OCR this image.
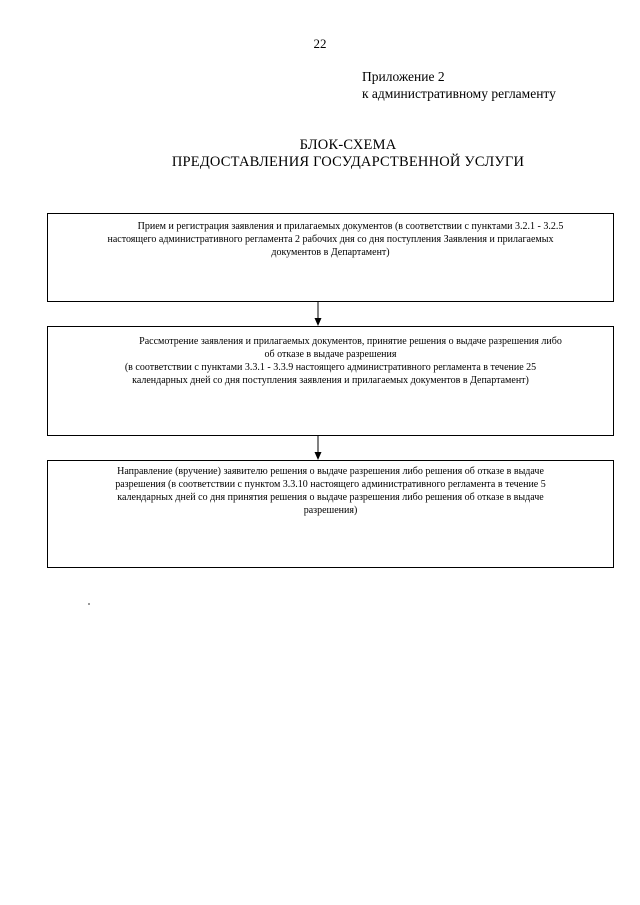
22
Приложение 2
к административному регламенту
БЛОК-СХЕМА
ПРЕДОСТАВЛЕНИЯ ГОСУДАРСТВЕННОЙ УСЛУГИ
Прием и регистрация заявления и прилагаемых документов (в соответствии с пунктами 3.2.1 - 3.2.5
настоящего административного регламента 2 рабочих дня со дня поступления Заявления и прилагаемых
документов в Департамент)
Рассмотрение заявления и прилагаемых документов, принятие решения о выдаче разрешения либо
об отказе в выдаче разрешения
(в соответствии с пунктами 3.3.1 - 3.3.9 настоящего административного регламента в течение 25
календарных дней со дня поступления заявления и прилагаемых документов в Департамент)
Направление (вручение) заявителю решения о выдаче разрешения либо решения об отказе в выдаче
разрешения (в соответствии с пунктом 3.3.10 настоящего административного регламента в течение 5
календарных дней со дня принятия решения о выдаче разрешения либо решения об отказе в выдаче
разрешения)
